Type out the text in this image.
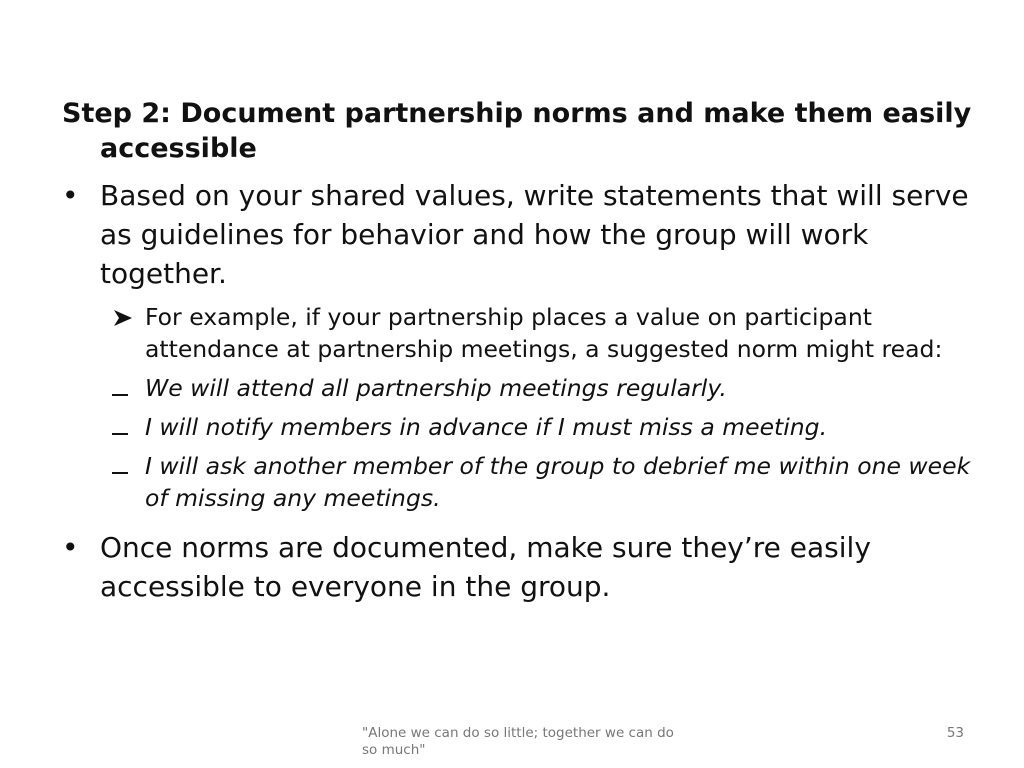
Step 2: Document partnership norms and make them easily accessible
• Based on your shared values, write statements that will serve as guidelines for behavior and how the group will work together.
For example, if your partnership places a value on participant attendance at partnership meetings, a suggested norm might read:
We will attend all partnership meetings regularly.
I will notify members in advance if I must miss a meeting.
I will ask another member of the group to debrief me within one week of missing any meetings.
• Once norms are documented, make sure they’re easily accessible to everyone in the group.
"Alone we can do so little; together we can do so much"
53
